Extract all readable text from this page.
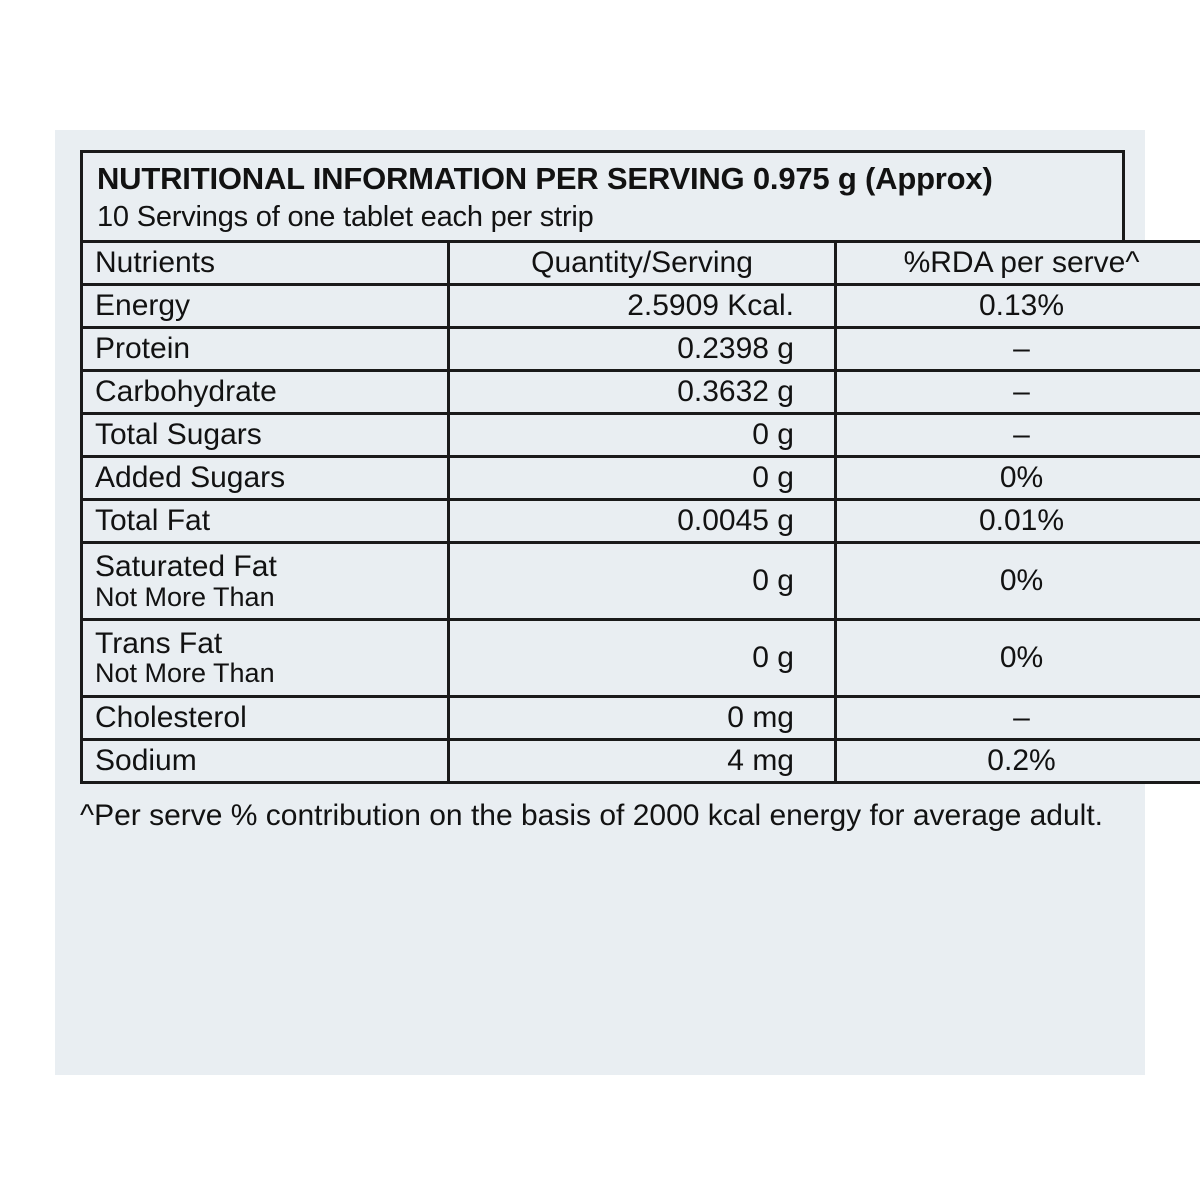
NUTRITIONAL INFORMATION PER SERVING 0.975 g (Approx)
10 Servings of one tablet each per strip
Nutrients	Quantity/Serving	%RDA per serve^
Energy	2.5909 Kcal.	0.13%
Protein	0.2398 g	–
Carbohydrate	0.3632 g	–
Total Sugars	0 g	–
Added Sugars	0 g	0%
Total Fat	0.0045 g	0.01%

Saturated Fat
Not More Than	0 g	0%

Trans Fat
Not More Than	0 g	0%
Cholesterol	0 mg	–
Sodium	4 mg	0.2%
^Per serve % contribution on the basis of 2000 kcal energy for average adult.
